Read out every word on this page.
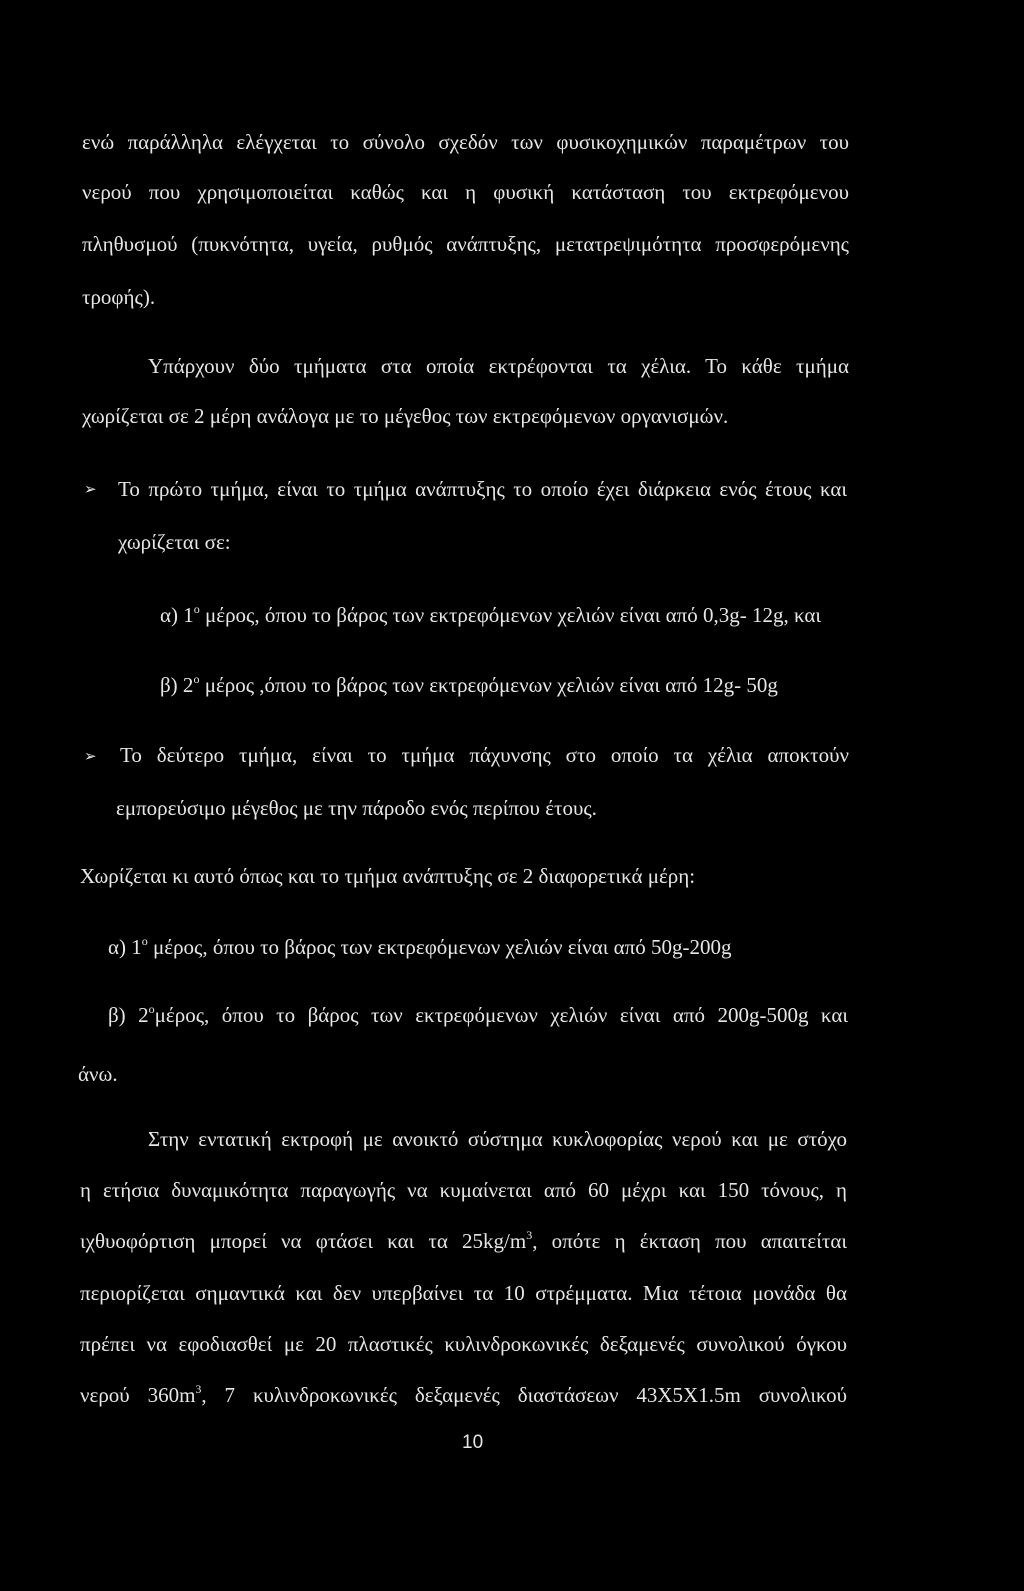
ενώ παράλληλα ελέγχεται το σύνολο σχεδόν των φυσικοχημικών παραμέτρων του
νερού που χρησιμοποιείται καθώς και η φυσική κατάσταση του εκτρεφόμενου
πληθυσμού (πυκνότητα, υγεία, ρυθμός ανάπτυξης, μετατρεψιμότητα προσφερόμενης
τροφής).
Υπάρχουν δύο τμήματα στα οποία εκτρέφονται τα χέλια. Το κάθε τμήμα
χωρίζεται σε 2 μέρη ανάλογα με το μέγεθος των εκτρεφόμενων οργανισμών.
➢ Το πρώτο τμήμα, είναι το τμήμα ανάπτυξης το οποίο έχει διάρκεια ενός έτους και
χωρίζεται σε:
α) $1^o$ μέρος, όπου το βάρος των εκτρεφόμενων χελιών είναι από 0,3g- 12g, και
β) $2^o$ μέρος ,όπου το βάρος των εκτρεφόμενων χελιών είναι από 12g- 50g
➢ Το δεύτερο τμήμα, είναι το τμήμα πάχυνσης στο οποίο τα χέλια αποκτούν
εμπορεύσιμο μέγεθος με την πάροδο ενός περίπου έτους.
Χωρίζεται κι αυτό όπως και το τμήμα ανάπτυξης σε 2 διαφορετικά μέρη:
α) $1^o$ μέρος, όπου το βάρος των εκτρεφόμενων χελιών είναι από 50g-200g
β) $2^o\mu έ\rho o\varsigma$, όπου το βάρος των εκτρεφόμενων χελιών είναι από 200g-500g και
άνω.
Στην εντατική εκτροφή με ανοικτό σύστημα κυκλοφορίας νερού και με στόχο
η ετήσια δυναμικότητα παραγωγής να κυμαίνεται από 60 μέχρι και 150 τόνους, η
ιχθυοφόρτιση μπορεί να φτάσει και τα $25kg/m^3$, οπότε η έκταση που απαιτείται
περιορίζεται σημαντικά και δεν υπερβαίνει τα 10 στρέμματα. Μια τέτοια μονάδα θα
πρέπει να εφοδιασθεί με 20 πλαστικές κυλινδροκωνικές δεξαμενές συνολικού όγκου
νερού $360m^3$, 7 κυλινδροκωνικές δεξαμενές διαστάσεων 43Χ5Χ1.5m συνολικού
10
